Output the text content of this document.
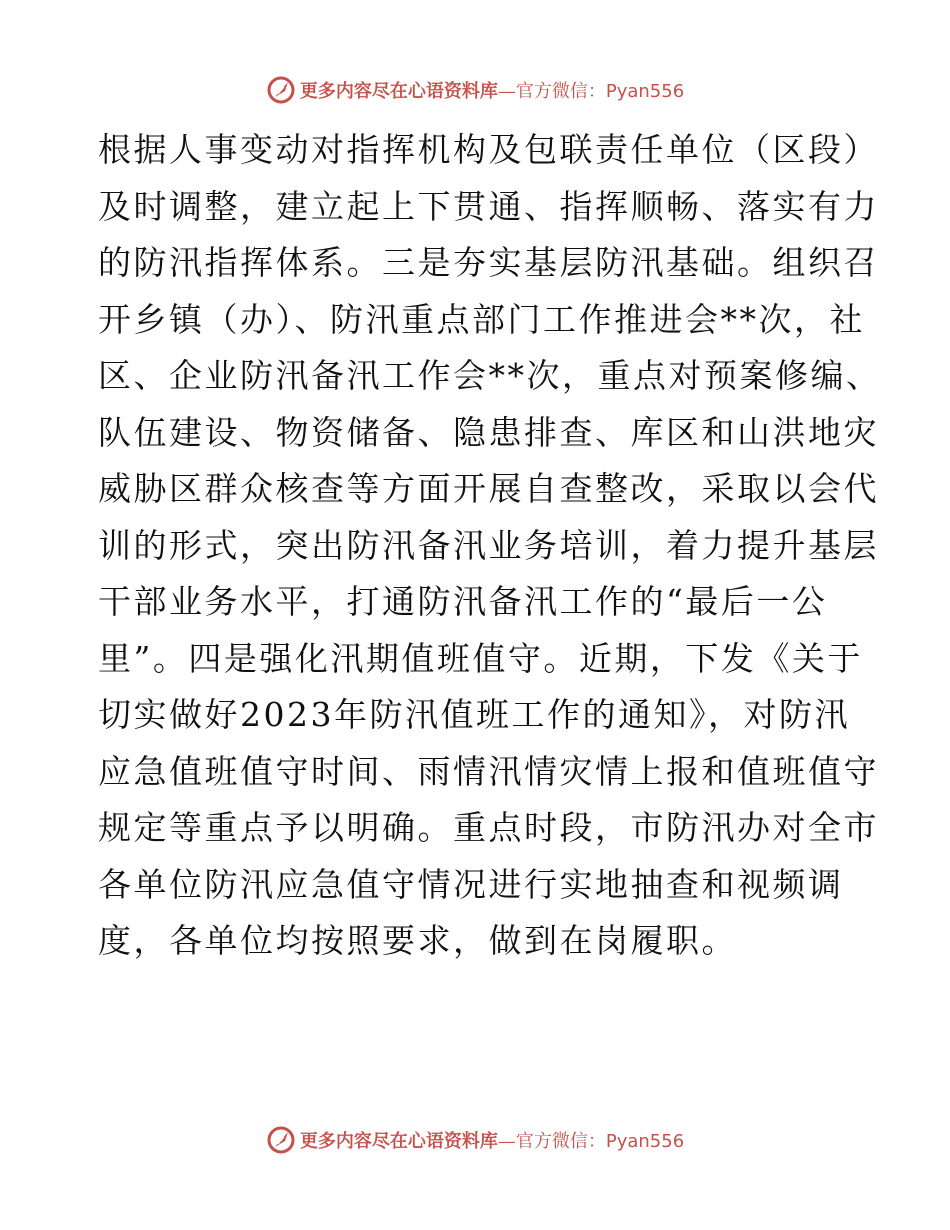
更多内容尽在心语资料库—官方微信：Pyan556
根据人事变动对指挥机构及包联责任单位（区段）
及时调整，建立起上下贯通、指挥顺畅、落实有力
的防汛指挥体系。三是夯实基层防汛基础。组织召
开乡镇（办）、防汛重点部门工作推进会**次，社
区、企业防汛备汛工作会**次，重点对预案修编、
队伍建设、物资储备、隐患排查、库区和山洪地灾
威胁区群众核查等方面开展自查整改，采取以会代
训的形式，突出防汛备汛业务培训，着力提升基层
干部业务水平，打通防汛备汛工作的“最后一公
里”。四是强化汛期值班值守。近期，下发《关于
切实做好2023年防汛值班工作的通知》，对防汛
应急值班值守时间、雨情汛情灾情上报和值班值守
规定等重点予以明确。重点时段，市防汛办对全市
各单位防汛应急值守情况进行实地抽查和视频调
度，各单位均按照要求，做到在岗履职。
更多内容尽在心语资料库—官方微信：Pyan556
